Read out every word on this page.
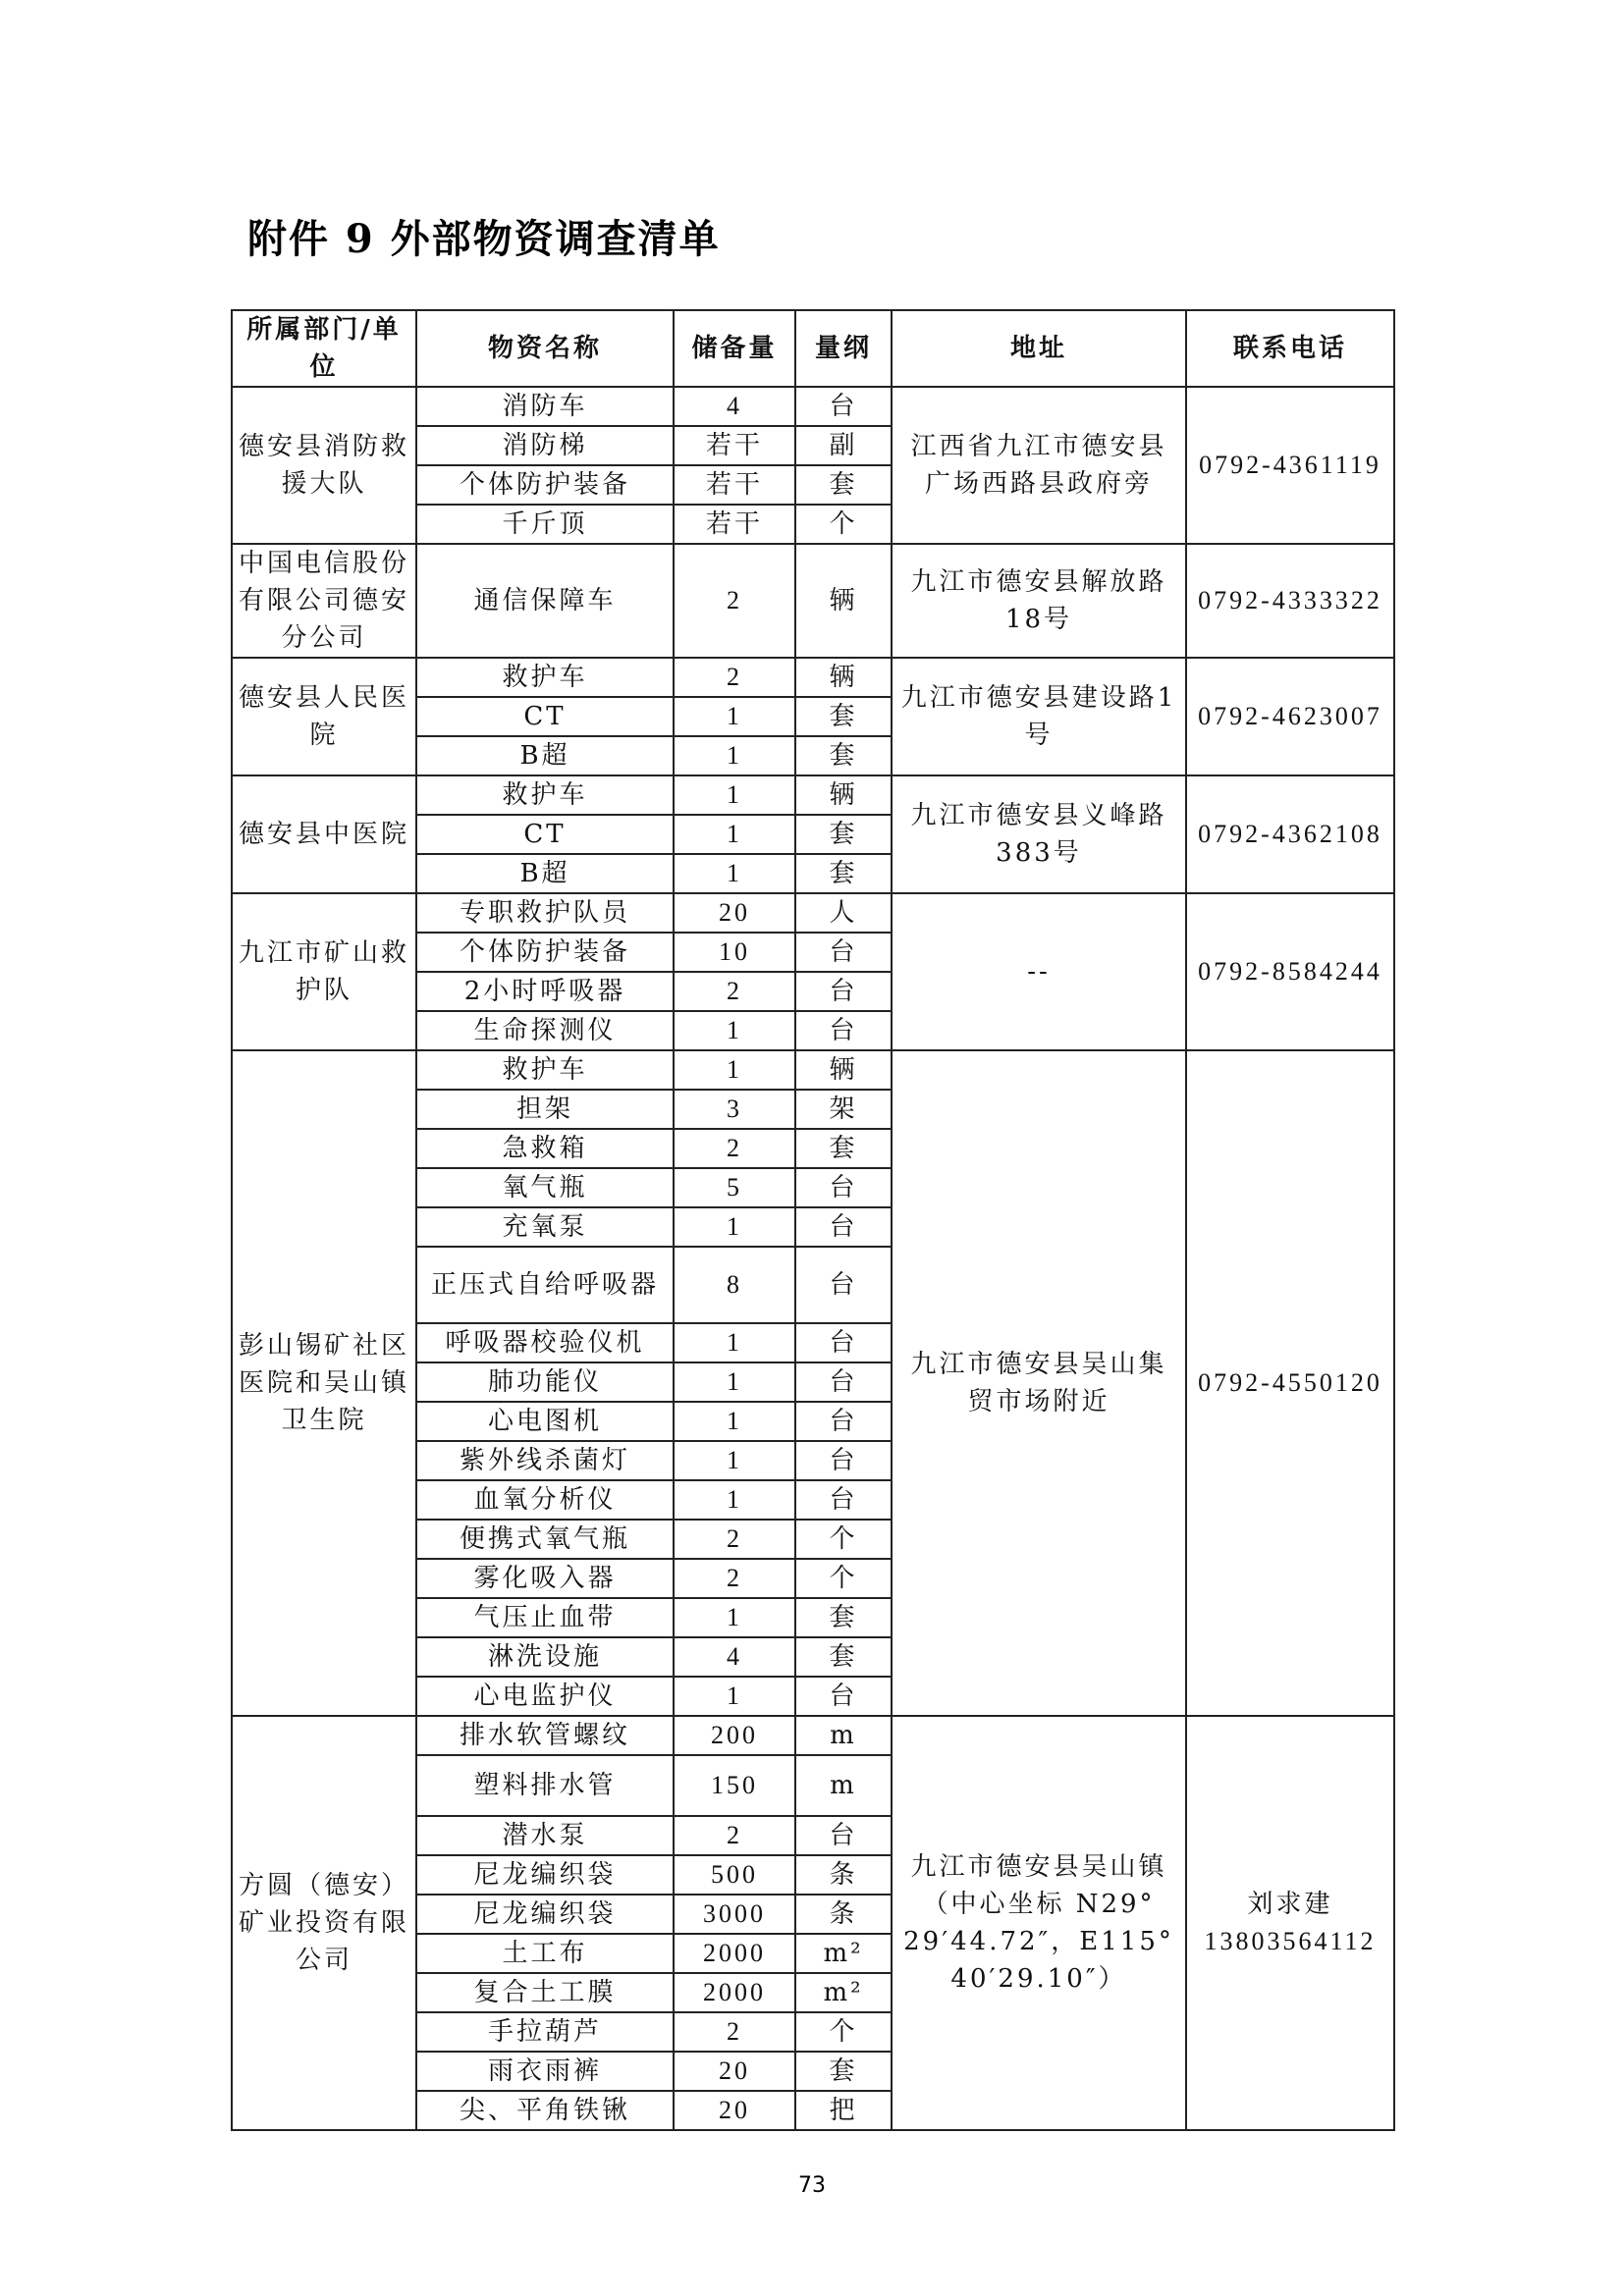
附件 9 外部物资调查清单
所属部门/单位	物资名称	储备量	量纲	地址	联系电话
德安县消防救援大队	消防车	4	台	江西省九江市德安县广场西路县政府旁	0792-4361119
	消防梯	若干	副		
	个体防护装备	若干	套		
	千斤顶	若干	个		
中国电信股份有限公司德安分公司	通信保障车	2	辆	九江市德安县解放路18号	0792-4333322
德安县人民医院	救护车	2	辆	九江市德安县建设路1号	0792-4623007
	CT	1	套		
	B超	1	套		
德安县中医院	救护车	1	辆	九江市德安县义峰路383号	0792-4362108
	CT	1	套		
	B超	1	套		
九江市矿山救护队	专职救护队员	20	人	--	0792-8584244
	个体防护装备	10	台		
	2小时呼吸器	2	台		
	生命探测仪	1	台		
彭山锡矿社区医院和吴山镇卫生院	救护车	1	辆	九江市德安县吴山集贸市场附近	0792-4550120
	担架	3	架		
	急救箱	2	套		
	氧气瓶	5	台		
	充氧泵	1	台		
	正压式自给呼吸器	8	台		
	呼吸器校验仪机	1	台		
	肺功能仪	1	台		
	心电图机	1	台		
	紫外线杀菌灯	1	台		
	血氧分析仪	1	台		
	便携式氧气瓶	2	个		
	雾化吸入器	2	个		
	气压止血带	1	套		
	淋洗设施	4	套		
	心电监护仪	1	台		
方圆（德安）矿业投资有限公司	排水软管螺纹	200	m	九江市德安县吴山镇（中心坐标 N29° 29′44.72″，E115° 40′29.10″）	刘求建 13803564112
	塑料排水管	150	m		
	潜水泵	2	台		
	尼龙编织袋	500	条		
	尼龙编织袋	3000	条		
	土工布	2000	m²		
	复合土工膜	2000	m²		
	手拉葫芦	2	个		
	雨衣雨裤	20	套		
	尖、平角铁锹	20	把		
73
